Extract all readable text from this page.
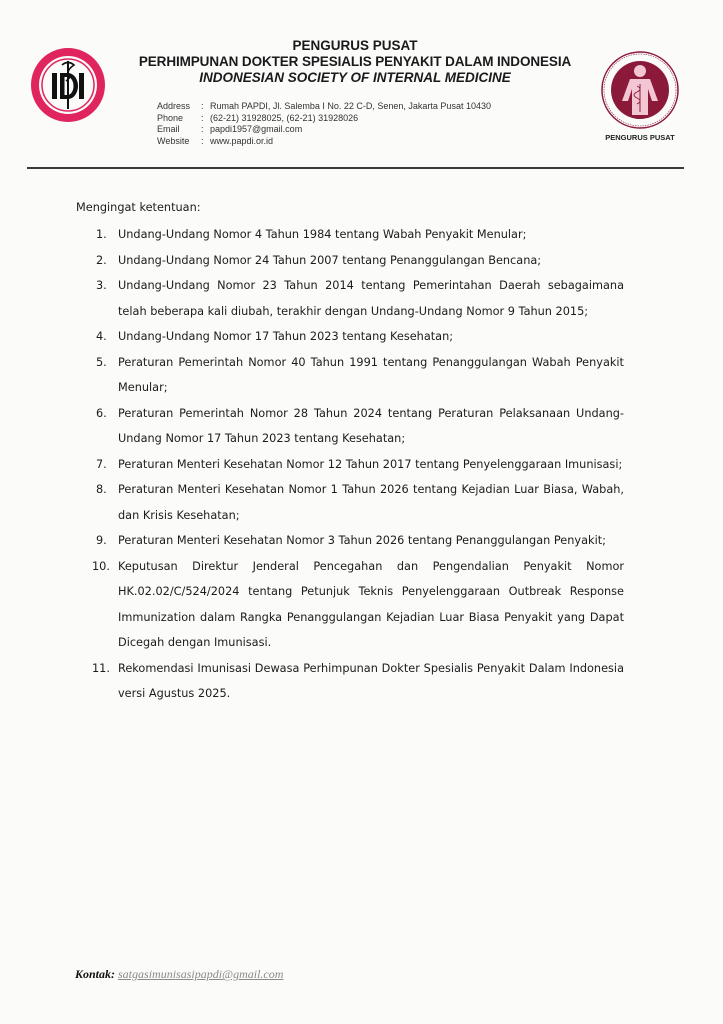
PENGURUS PUSAT
PERHIMPUNAN DOKTER SPESIALIS PENYAKIT DALAM INDONESIA
INDONESIAN SOCIETY OF INTERNAL MEDICINE
Address	: Rumah PAPDI, Jl. Salemba I No. 22 C-D, Senen, Jakarta Pusat 10430
Phone	: (62-21) 31928025, (62-21) 31928026
Email	: papdi1957@gmail.com
Website	: www.papdi.or.id	PENGURUS PUSAT

Mengingat ketentuan:

1. Undang-Undang Nomor 4 Tahun 1984 tentang Wabah Penyakit Menular;
2. Undang-Undang Nomor 24 Tahun 2007 tentang Penanggulangan Bencana;
3. Undang-Undang Nomor 23 Tahun 2014 tentang Pemerintahan Daerah sebagaimana telah beberapa kali diubah, terakhir dengan Undang-Undang Nomor 9 Tahun 2015;
4. Undang-Undang Nomor 17 Tahun 2023 tentang Kesehatan;
5. Peraturan Pemerintah Nomor 40 Tahun 1991 tentang Penanggulangan Wabah Penyakit Menular;
6. Peraturan Pemerintah Nomor 28 Tahun 2024 tentang Peraturan Pelaksanaan Undang-Undang Nomor 17 Tahun 2023 tentang Kesehatan;
7. Peraturan Menteri Kesehatan Nomor 12 Tahun 2017 tentang Penyelenggaraan Imunisasi;
8. Peraturan Menteri Kesehatan Nomor 1 Tahun 2026 tentang Kejadian Luar Biasa, Wabah, dan Krisis Kesehatan;
9. Peraturan Menteri Kesehatan Nomor 3 Tahun 2026 tentang Penanggulangan Penyakit;
10. Keputusan Direktur Jenderal Pencegahan dan Pengendalian Penyakit Nomor HK.02.02/C/524/2024 tentang Petunjuk Teknis Penyelenggaraan Outbreak Response Immunization dalam Rangka Penanggulangan Kejadian Luar Biasa Penyakit yang Dapat Dicegah dengan Imunisasi.
11. Rekomendasi Imunisasi Dewasa Perhimpunan Dokter Spesialis Penyakit Dalam Indonesia versi Agustus 2025.
Kontak: satgasimunisasipapdi@gmail.com
